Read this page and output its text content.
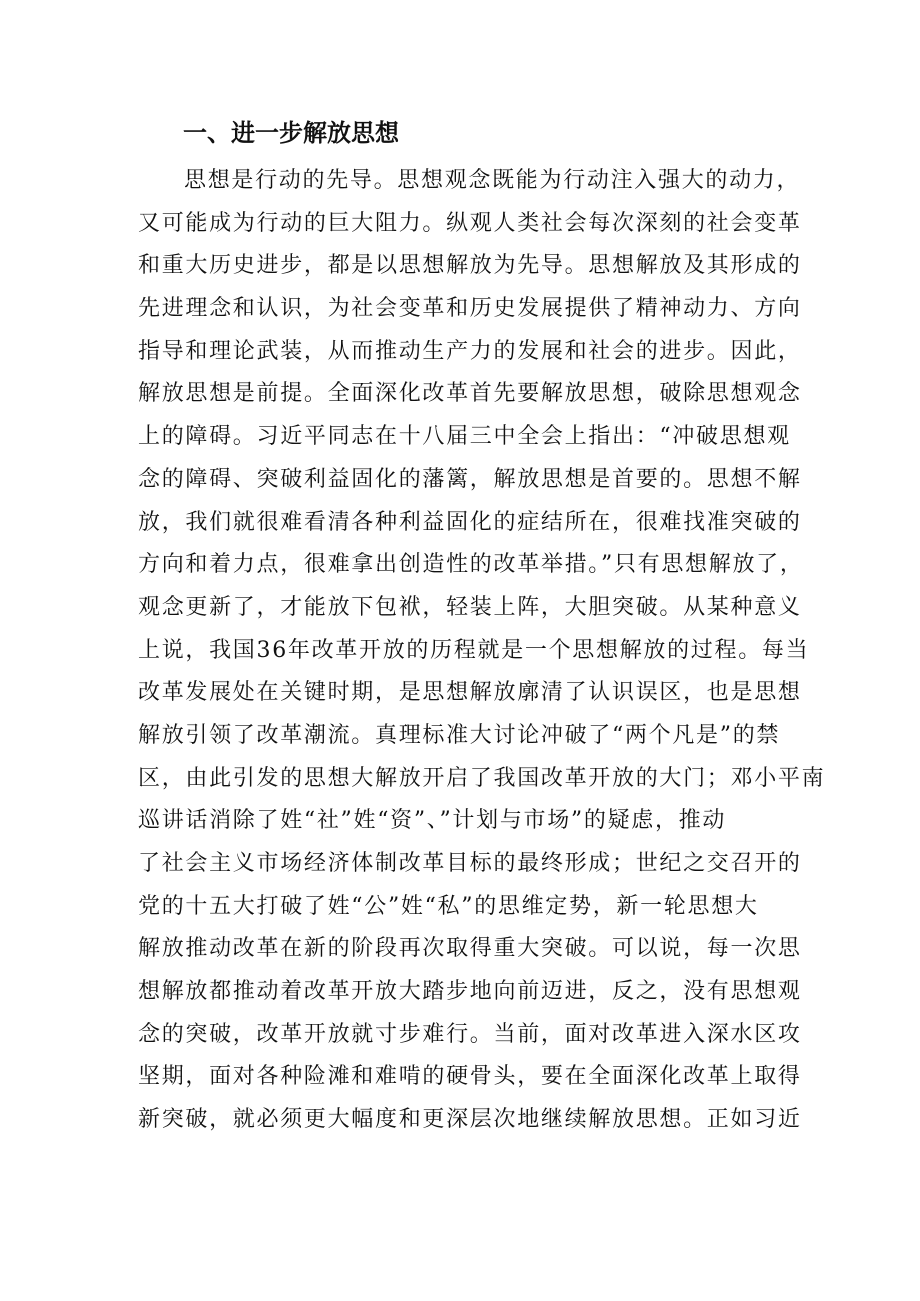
一、进一步解放思想
思想是行动的先导。思想观念既能为行动注入强大的动力，
又可能成为行动的巨大阻力。纵观人类社会每次深刻的社会变革
和重大历史进步，都是以思想解放为先导。思想解放及其形成的
先进理念和认识，为社会变革和历史发展提供了精神动力、方向
指导和理论武装，从而推动生产力的发展和社会的进步。因此，
解放思想是前提。全面深化改革首先要解放思想，破除思想观念
上的障碍。习近平同志在十八届三中全会上指出：“冲破思想观
念的障碍、突破利益固化的藩篱，解放思想是首要的。思想不解
放，我们就很难看清各种利益固化的症结所在，很难找准突破的
方向和着力点，很难拿出创造性的改革举措。”只有思想解放了，
观念更新了，才能放下包袱，轻装上阵，大胆突破。从某种意义
上说，我国36年改革开放的历程就是一个思想解放的过程。每当
改革发展处在关键时期，是思想解放廓清了认识误区，也是思想
解放引领了改革潮流。真理标准大讨论冲破了“两个凡是”的禁
区，由此引发的思想大解放开启了我国改革开放的大门；邓小平南
巡讲话消除了姓“社”姓“资”、”计划与市场”的疑虑，推动
了社会主义市场经济体制改革目标的最终形成；世纪之交召开的
党的十五大打破了姓“公”姓“私”的思维定势，新一轮思想大
解放推动改革在新的阶段再次取得重大突破。可以说，每一次思
想解放都推动着改革开放大踏步地向前迈进，反之，没有思想观
念的突破，改革开放就寸步难行。当前，面对改革进入深水区攻
坚期，面对各种险滩和难啃的硬骨头，要在全面深化改革上取得
新突破，就必须更大幅度和更深层次地继续解放思想。正如习近
